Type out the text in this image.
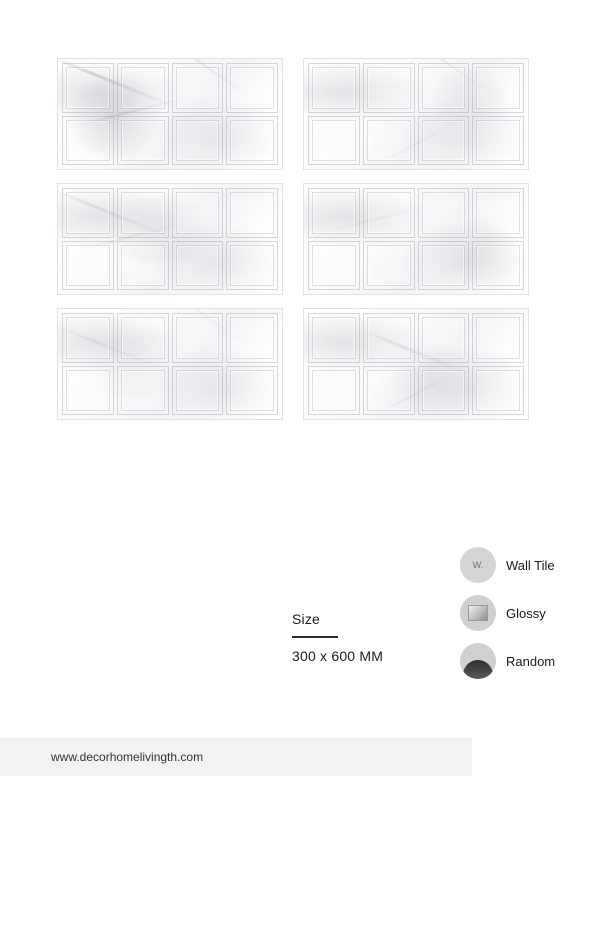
Size
300 x 600 MM
W. Wall Tile
Glossy
Random
www.decorhomelivingth.com
